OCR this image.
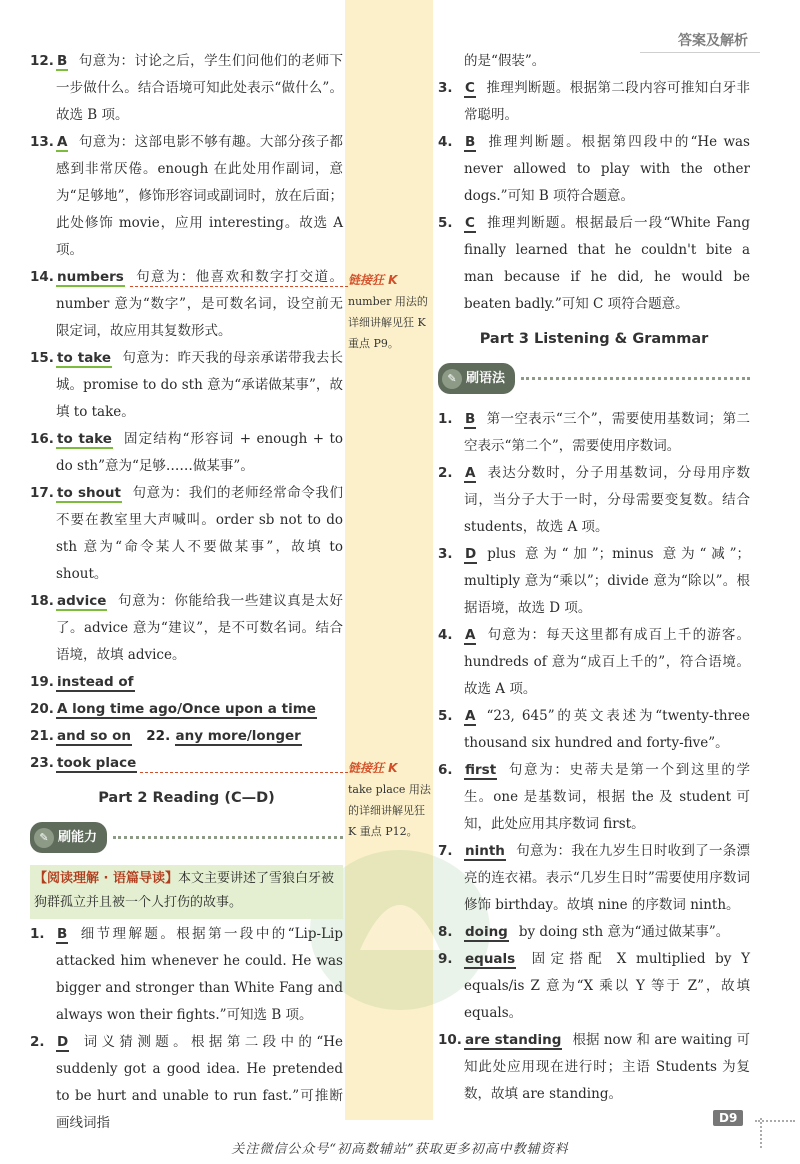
答案及解析
12. B 句意为：讨论之后，学生们问他们的老师下一步做什么。结合语境可知此处表示“做什么”。故选 B 项。
13. A 句意为：这部电影不够有趣。大部分孩子都感到非常厌倦。enough 在此处用作副词，意为“足够地”，修饰形容词或副词时，放在后面；此处修饰 movie，应用 interesting。故选 A 项。
14. numbers 句意为：他喜欢和数字打交道。number 意为“数字”，是可数名词，设空前无限定词，故应用其复数形式。
15. to take 句意为：昨天我的母亲承诺带我去长城。promise to do sth 意为“承诺做某事”，故填 to take。
16. to take 固定结构“形容词 + enough + to do sth”意为“足够……做某事”。
17. to shout 句意为：我们的老师经常命令我们不要在教室里大声喊叫。order sb not to do sth 意为“命令某人不要做某事”，故填 to shout。
18. advice 句意为：你能给我一些建议真是太好了。advice 意为“建议”，是不可数名词。结合语境，故填 advice。
19. instead of
20. A long time ago/Once upon a time
21. and so on 22. any more/longer
23. took place
Part 2 Reading (C—D)
✎ 刷能力
【阅读理解 · 语篇导读】本文主要讲述了雪狼白牙被狗群孤立并且被一个人打伤的故事。
1. B 细节理解题。根据第一段中的“Lip-Lip attacked him whenever he could. He was bigger and stronger than White Fang and always won their fights.”可知选 B 项。
2. D 词义猜测题。根据第二段中的“He suddenly got a good idea. He pretended to be hurt and unable to run fast.”可推断画线词指
链接狂 K
number 用法的详细讲解见狂 K 重点 P9。
链接狂 K
take place 用法的详细讲解见狂 K 重点 P12。
的是“假装”。
3. C 推理判断题。根据第二段内容可推知白牙非常聪明。
4. B 推理判断题。根据第四段中的“He was never allowed to play with the other dogs.”可知 B 项符合题意。
5. C 推理判断题。根据最后一段“White Fang finally learned that he couldn't bite a man because if he did, he would be beaten badly.”可知 C 项符合题意。
Part 3 Listening & Grammar
✎ 刷语法
1. B 第一空表示“三个”，需要使用基数词；第二空表示“第二个”，需要使用序数词。
2. A 表达分数时，分子用基数词，分母用序数词，当分子大于一时，分母需要变复数。结合 students，故选 A 项。
3. D plus 意为“加”；minus 意为“减”；multiply 意为“乘以”；divide 意为“除以”。根据语境，故选 D 项。
4. A 句意为：每天这里都有成百上千的游客。hundreds of 意为“成百上千的”，符合语境。故选 A 项。
5. A “23, 645”的英文表述为“twenty-three thousand six hundred and forty-five”。
6. first 句意为：史蒂夫是第一个到这里的学生。one 是基数词，根据 the 及 student 可知，此处应用其序数词 first。
7. ninth 句意为：我在九岁生日时收到了一条漂亮的连衣裙。表示“几岁生日时”需要使用序数词修饰 birthday。故填 nine 的序数词 ninth。
8. doing by doing sth 意为“通过做某事”。
9. equals 固定搭配 X multiplied by Y equals/is Z 意为“X 乘以 Y 等于 Z”，故填 equals。
10. are standing 根据 now 和 are waiting 可知此处应用现在进行时；主语 Students 为复数，故填 are standing。
D9
关注微信公众号“初高数辅站”获取更多初高中教辅资料
